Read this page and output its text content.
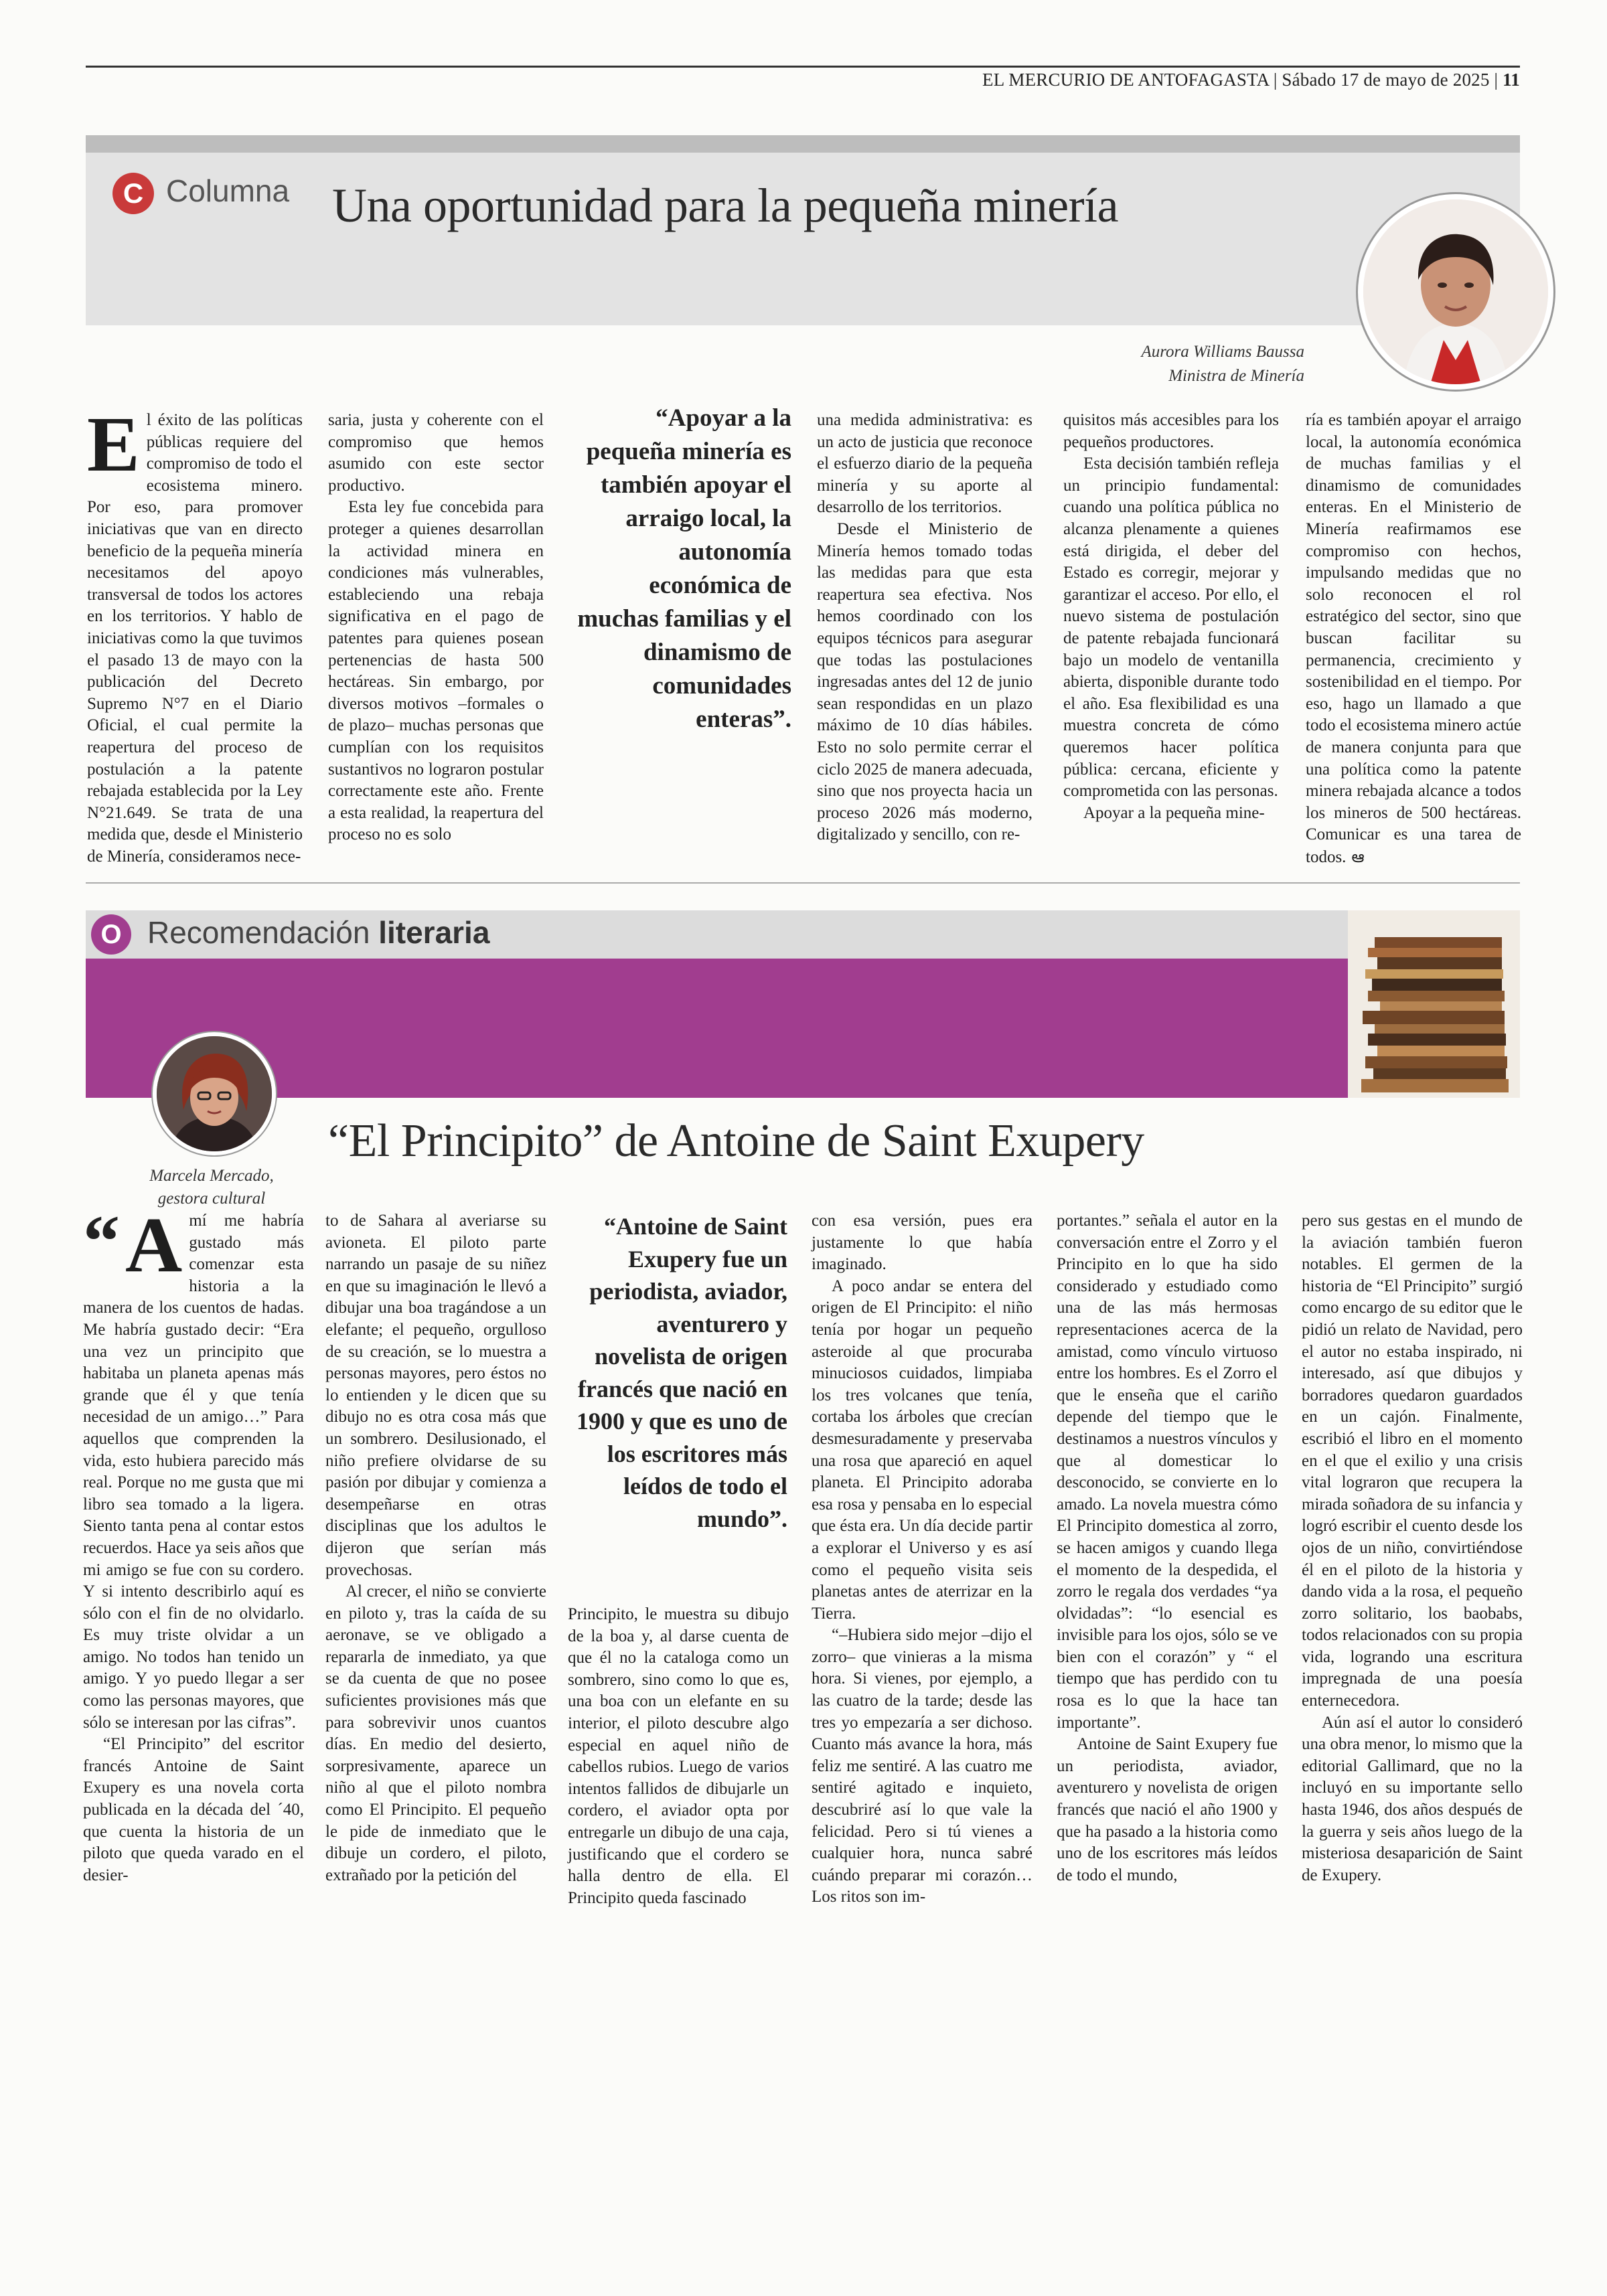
EL MERCURIO DE ANTOFAGASTA | Sábado 17 de mayo de 2025 | 11
C Columna Una oportunidad para la pequeña minería
Aurora Williams Baussa
Ministra de Minería

El éxito de las políticas públicas requiere del compromiso de todo el ecosistema minero. Por eso, para promover iniciativas que van en directo beneficio de la pequeña minería necesitamos del apoyo transversal de todos los actores en los territorios. Y hablo de iniciativas como la que tuvimos el pasado 13 de mayo con la publicación del Decreto Supremo N°7 en el Diario Oficial, el cual permite la reapertura del proceso de postulación a la patente rebajada establecida por la Ley N°21.649. Se trata de una medida que, desde el Ministerio de Minería, consideramos nece-

saria, justa y coherente con el compromiso que hemos asumido con este sector productivo.

Esta ley fue concebida para proteger a quienes desarrollan la actividad minera en condiciones más vulnerables, estableciendo una rebaja significativa en el pago de patentes para quienes posean pertenencias de hasta 500 hectáreas. Sin embargo, por diversos motivos –formales o de plazo– muchas personas que cumplían con los requisitos sustantivos no lograron postular correctamente este año. Frente a esta realidad, la reapertura del proceso no es solo

“Apoyar a la pequeña minería es también apoyar el arraigo local, la autonomía económica de muchas familias y el dinamismo de comunidades enteras”.

una medida administrativa: es un acto de justicia que reconoce el esfuerzo diario de la pequeña minería y su aporte al desarrollo de los territorios.

Desde el Ministerio de Minería hemos tomado todas las medidas para que esta reapertura sea efectiva. Nos hemos coordinado con los equipos técnicos para asegurar que todas las postulaciones ingresadas antes del 12 de junio sean respondidas en un plazo máximo de 10 días hábiles. Esto no solo permite cerrar el ciclo 2025 de manera adecuada, sino que nos proyecta hacia un proceso 2026 más moderno, digitalizado y sencillo, con re-

quisitos más accesibles para los pequeños productores.

Esta decisión también refleja un principio fundamental: cuando una política pública no alcanza plenamente a quienes está dirigida, el deber del Estado es corregir, mejorar y garantizar el acceso. Por ello, el nuevo sistema de postulación de patente rebajada funcionará bajo un modelo de ventanilla abierta, disponible durante todo el año. Esa flexibilidad es una muestra concreta de cómo queremos hacer política pública: cercana, eficiente y comprometida con las personas.

Apoyar a la pequeña mine-

ría es también apoyar el arraigo local, la autonomía económica de muchas familias y el dinamismo de comunidades enteras. En el Ministerio de Minería reafirmamos ese compromiso con hechos, impulsando medidas que no solo reconocen el rol estratégico del sector, sino que buscan facilitar su permanencia, crecimiento y sostenibilidad en el tiempo. Por eso, hago un llamado a que todo el ecosistema minero actúe de manera conjunta para que una política como la patente minera rebajada alcance a todos los mineros de 500 hectáreas. Comunicar es una tarea de todos. ఆ

O Recomendación literaria
Marcela Mercado,
gestora cultural
“El Principito” de Antoine de Saint Exupery

“ A mí me habría gustado más comenzar esta historia a la manera de los cuentos de hadas. Me habría gustado decir: “Era una vez un principito que habitaba un planeta apenas más grande que él y que tenía necesidad de un amigo…” Para aquellos que comprenden la vida, esto hubiera parecido más real. Porque no me gusta que mi libro sea tomado a la ligera. Siento tanta pena al contar estos recuerdos. Hace ya seis años que mi amigo se fue con su cordero. Y si intento describirlo aquí es sólo con el fin de no olvidarlo. Es muy triste olvidar a un amigo. No todos han tenido un amigo. Y yo puedo llegar a ser como las personas mayores, que sólo se interesan por las cifras”.

“El Principito” del escritor francés Antoine de Saint Exupery es una novela corta publicada en la década del ´40, que cuenta la historia de un piloto que queda varado en el desier-

to de Sahara al averiarse su avioneta. El piloto parte narrando un pasaje de su niñez en que su imaginación le llevó a dibujar una boa tragándose a un elefante; el pequeño, orgulloso de su creación, se lo muestra a personas mayores, pero éstos no lo entienden y le dicen que su dibujo no es otra cosa más que un sombrero. Desilusionado, el niño prefiere olvidarse de su pasión por dibujar y comienza a desempeñarse en otras disciplinas que los adultos le dijeron que serían más provechosas.

Al crecer, el niño se convierte en piloto y, tras la caída de su aeronave, se ve obligado a repararla de inmediato, ya que se da cuenta de que no posee suficientes provisiones más que para sobrevivir unos cuantos días. En medio del desierto, sorpresivamente, aparece un niño al que el piloto nombra como El Principito. El pequeño le pide de inmediato que le dibuje un cordero, el piloto, extrañado por la petición del

“Antoine de Saint Exupery fue un periodista, aviador, aventurero y novelista de origen francés que nació en 1900 y que es uno de los escritores más leídos de todo el mundo”.

Principito, le muestra su dibujo de la boa y, al darse cuenta de que él no la cataloga como un sombrero, sino como lo que es, una boa con un elefante en su interior, el piloto descubre algo especial en aquel niño de cabellos rubios. Luego de varios intentos fallidos de dibujarle un cordero, el aviador opta por entregarle un dibujo de una caja, justificando que el cordero se halla dentro de ella. El Principito queda fascinado

con esa versión, pues era justamente lo que había imaginado.

A poco andar se entera del origen de El Principito: el niño tenía por hogar un pequeño asteroide al que procuraba minuciosos cuidados, limpiaba los tres volcanes que tenía, cortaba los árboles que crecían desmesuradamente y preservaba una rosa que apareció en aquel planeta. El Principito adoraba esa rosa y pensaba en lo especial que ésta era. Un día decide partir a explorar el Universo y es así como el pequeño visita seis planetas antes de aterrizar en la Tierra.

“–Hubiera sido mejor –dijo el zorro– que vinieras a la misma hora. Si vienes, por ejemplo, a las cuatro de la tarde; desde las tres yo empezaría a ser dichoso. Cuanto más avance la hora, más feliz me sentiré. A las cuatro me sentiré agitado e inquieto, descubriré así lo que vale la felicidad. Pero si tú vienes a cualquier hora, nunca sabré cuándo preparar mi corazón… Los ritos son im-

portantes.” señala el autor en la conversación entre el Zorro y el Principito en lo que ha sido considerado y estudiado como una de las más hermosas representaciones acerca de la amistad, como vínculo virtuoso entre los hombres. Es el Zorro el que le enseña que el cariño depende del tiempo que le destinamos a nuestros vínculos y que al domesticar lo desconocido, se convierte en lo amado. La novela muestra cómo El Principito domestica al zorro, se hacen amigos y cuando llega el momento de la despedida, el zorro le regala dos verdades “ya olvidadas”: “lo esencial es invisible para los ojos, sólo se ve bien con el corazón” y “ el tiempo que has perdido con tu rosa es lo que la hace tan importante”.

Antoine de Saint Exupery fue un periodista, aviador, aventurero y novelista de origen francés que nació el año 1900 y que ha pasado a la historia como uno de los escritores más leídos de todo el mundo,

pero sus gestas en el mundo de la aviación también fueron notables. El germen de la historia de “El Principito” surgió como encargo de su editor que le pidió un relato de Navidad, pero el autor no estaba inspirado, ni interesado, así que dibujos y borradores quedaron guardados en un cajón. Finalmente, escribió el libro en el momento en el que el exilio y una crisis vital lograron que recupera la mirada soñadora de su infancia y logró escribir el cuento desde los ojos de un niño, convirtiéndose él en el piloto de la historia y dando vida a la rosa, el pequeño zorro solitario, los baobabs, todos relacionados con su propia vida, logrando una escritura impregnada de una poesía enternecedora.

Aún así el autor lo consideró una obra menor, lo mismo que la editorial Gallimard, que no la incluyó en su importante sello hasta 1946, dos años después de la guerra y seis años luego de la misteriosa desaparición de Saint de Exupery.
